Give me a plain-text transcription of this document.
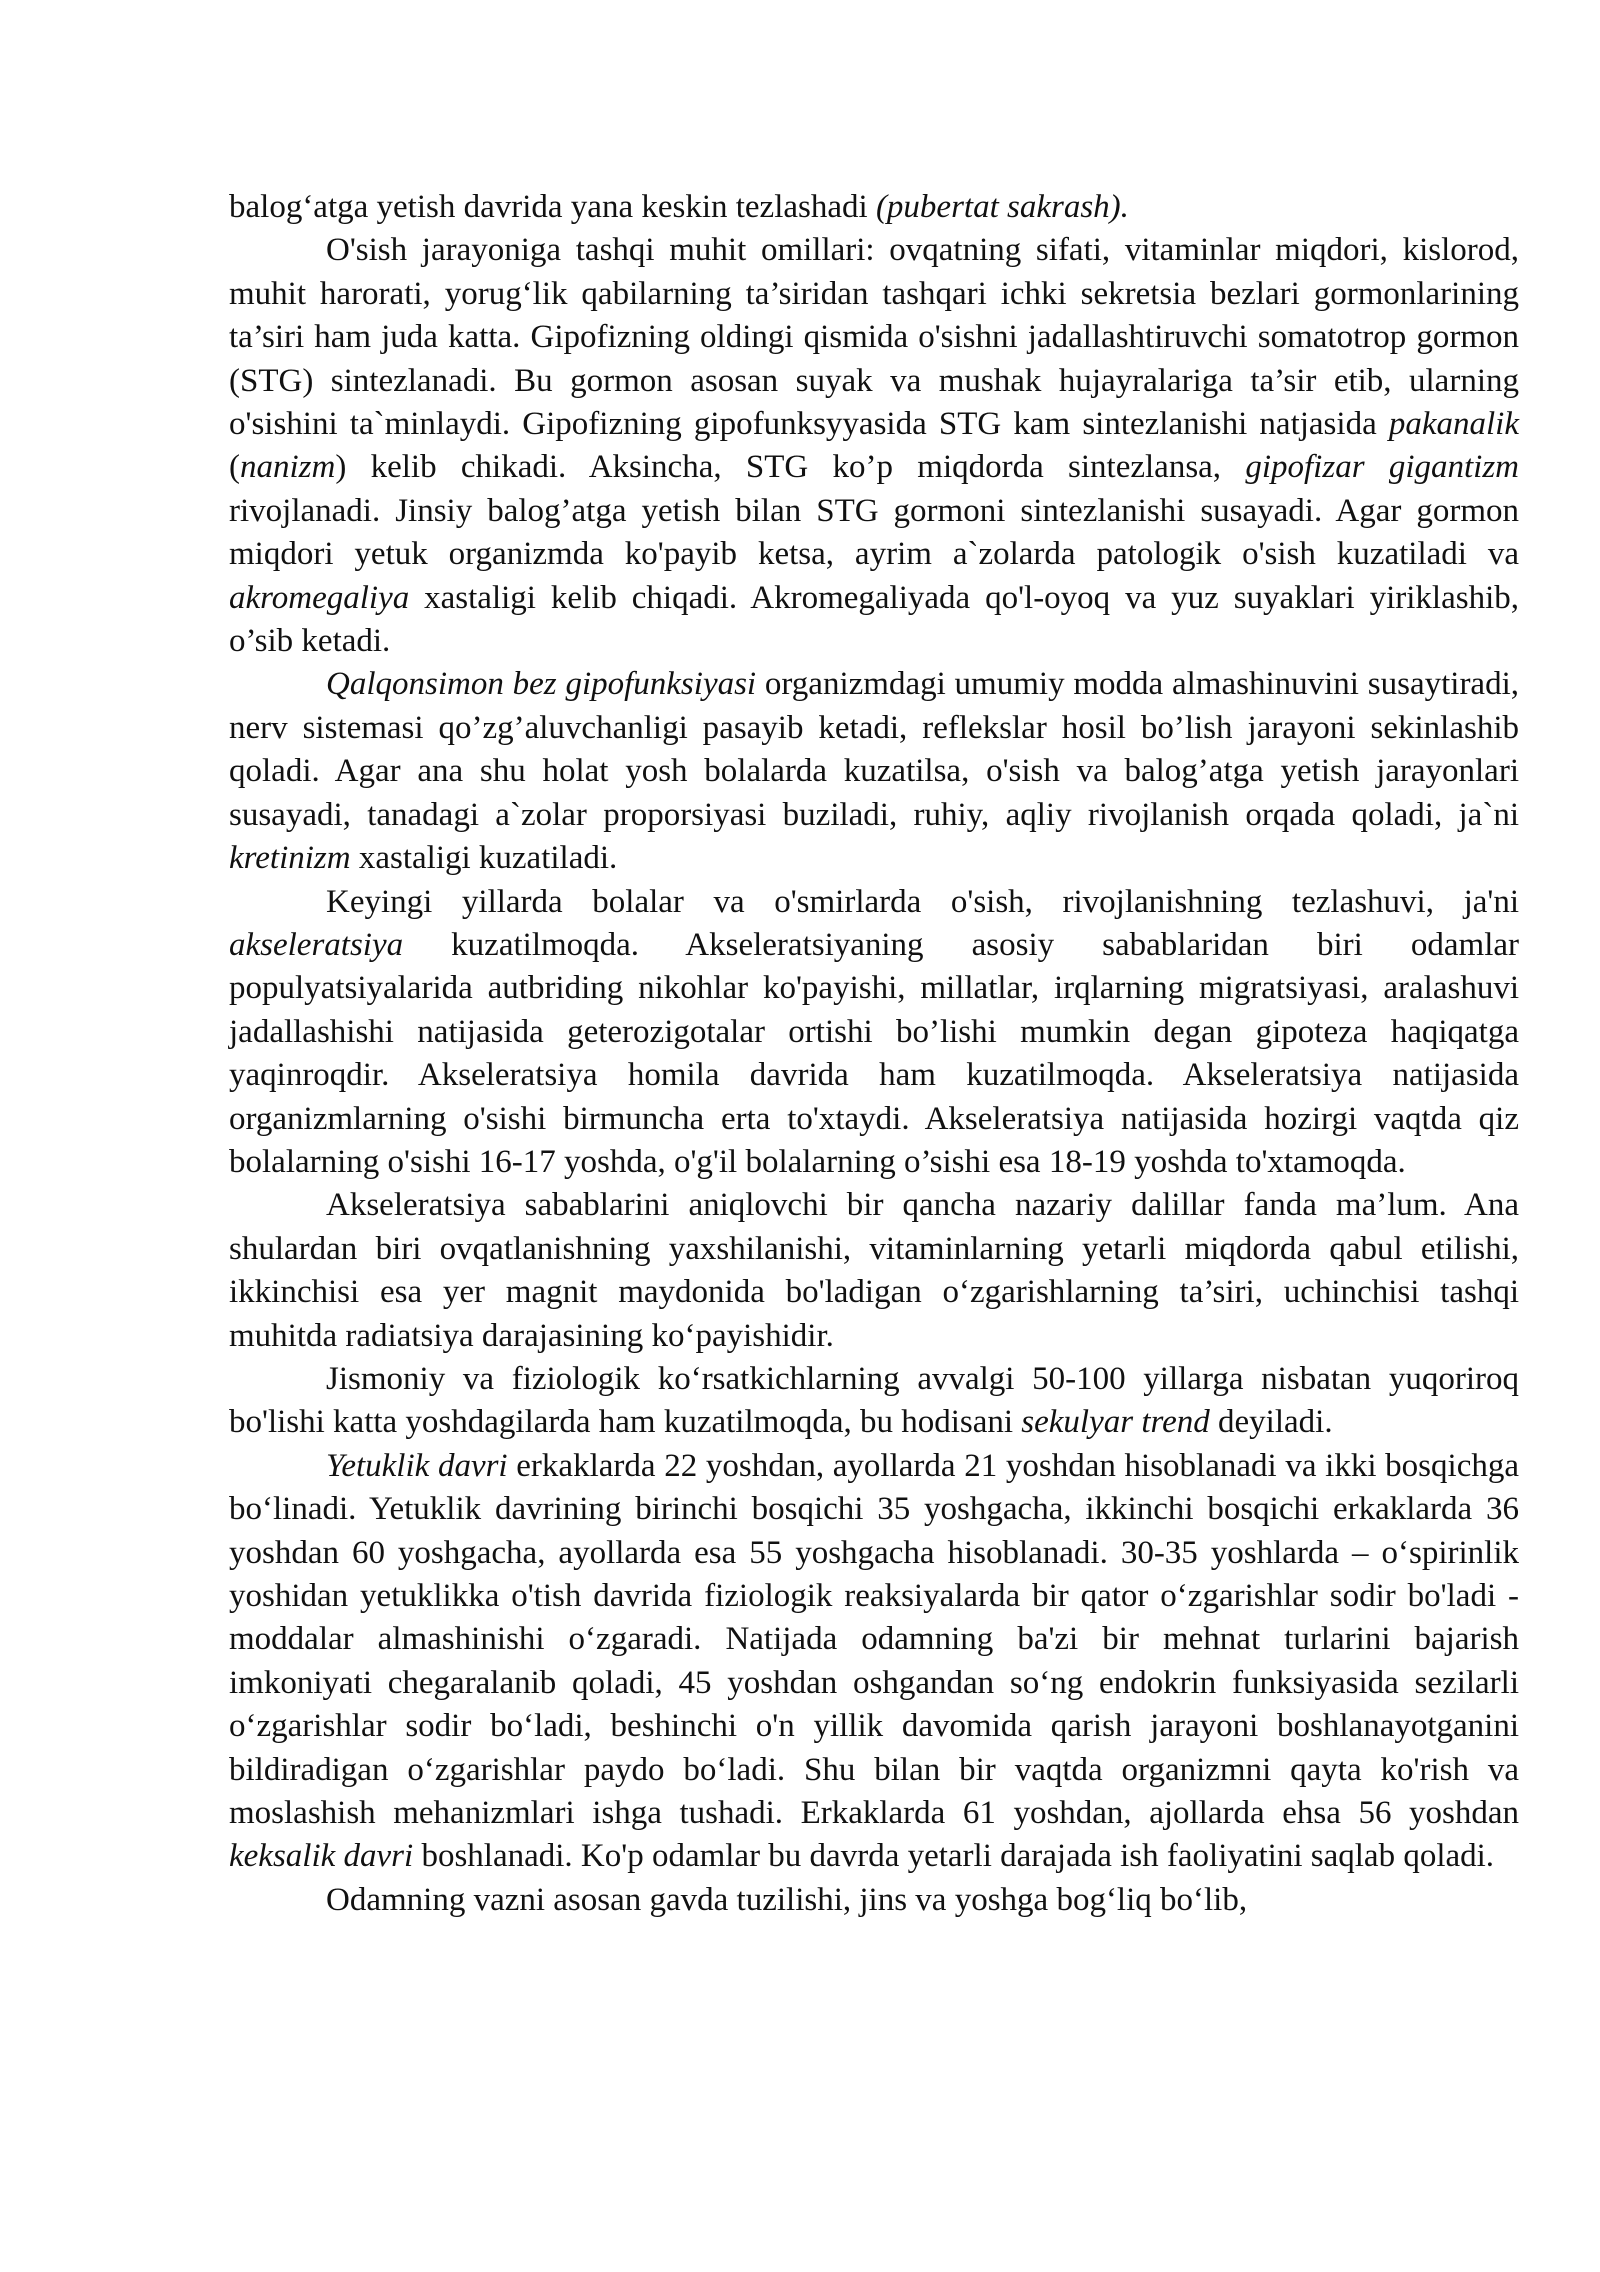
balog‘atga yetish davrida yana keskin tezlashadi (pubertat sakrash).

O'sish jarayoniga tashqi muhit omillari: ovqatning sifati, vitaminlar miqdori, kislorod, muhit harorati, yorug‘lik qabilarning ta’siridan tashqari ichki sekretsia bezlari gormonlarining ta’siri ham juda katta. Gipofizning oldingi qismida o'sishni jadallashtiruvchi somatotrop gormon (STG) sintezlanadi. Bu gormon asosan suyak va mushak hujayralariga ta’sir etib, ularning o'sishini ta`minlaydi. Gipofizning gipofunksyyasida STG kam sintezlanishi natjasida pakanalik (nanizm) kelib chikadi. Aksincha, STG ko’p miqdorda sintezlansa, gipofizar gigantizm rivojlanadi. Jinsiy balog’atga yetish bilan STG gormoni sintezlanishi susayadi. Agar gormon miqdori yetuk organizmda ko'payib ketsa, ayrim a`zolarda patologik o'sish kuzatiladi va akromegaliya xastaligi kelib chiqadi. Akromegaliyada qo'l-oyoq va yuz suyaklari yiriklashib, o’sib ketadi.

Qalqonsimon bez gipofunksiyasi organizmdagi umumiy modda almashinuvini susaytiradi, nerv sistemasi qo’zg’aluvchanligi pasayib ketadi, reflekslar hosil bo’lish jarayoni sekinlashib qoladi. Agar ana shu holat yosh bolalarda kuzatilsa, o'sish va balog’atga yetish jarayonlari susayadi, tanadagi a`zolar proporsiyasi buziladi, ruhiy, aqliy rivojlanish orqada qoladi, ja`ni kretinizm xastaligi kuzatiladi.

Keyingi yillarda bolalar va o'smirlarda o'sish, rivojlanishning tezlashuvi, ja'ni akseleratsiya kuzatilmoqda. Akseleratsiyaning asosiy sabablaridan biri odamlar populyatsiyalarida autbriding nikohlar ko'payishi, millatlar, irqlarning migratsiyasi, aralashuvi jadallashishi natijasida geterozigotalar ortishi bo’lishi mumkin degan gipoteza haqiqatga yaqinroqdir. Akseleratsiya homila davrida ham kuzatilmoqda. Akseleratsiya natijasida organizmlarning o'sishi birmuncha erta to'xtaydi. Akseleratsiya natijasida hozirgi vaqtda qiz bolalarning o'sishi 16-17 yoshda, o'g'il bolalarning o’sishi esa 18-19 yoshda to'xtamoqda.

Akseleratsiya sabablarini aniqlovchi bir qancha nazariy dalillar fanda ma’lum. Ana shulardan biri ovqatlanishning yaxshilanishi, vitaminlarning yetarli miqdorda qabul etilishi, ikkinchisi esa yer magnit maydonida bo'ladigan o‘zgarishlarning ta’siri, uchinchisi tashqi muhitda radiatsiya darajasining ko‘payishidir.

Jismoniy va fiziologik ko‘rsatkichlarning avvalgi 50-100 yillarga nisbatan yuqoriroq bo'lishi katta yoshdagilarda ham kuzatilmoqda, bu hodisani sekulyar trend deyiladi.

Yetuklik davri erkaklarda 22 yoshdan, ayollarda 21 yoshdan hisoblanadi va ikki bosqichga bo‘linadi. Yetuklik davrining birinchi bosqichi 35 yoshgacha, ikkinchi bosqichi erkaklarda 36 yoshdan 60 yoshgacha, ayollarda esa 55 yoshgacha hisoblanadi. 30-35 yoshlarda – o‘spirinlik yoshidan yetuklikka o'tish davrida fiziologik reaksiyalarda bir qator o‘zgarishlar sodir bo'ladi - moddalar almashinishi o‘zgaradi. Natijada odamning ba'zi bir mehnat turlarini bajarish imkoniyati chegaralanib qoladi, 45 yoshdan oshgandan so‘ng endokrin funksiyasida sezilarli o‘zgarishlar sodir bo‘ladi, beshinchi o'n yillik davomida qarish jarayoni boshlanayotganini bildiradigan o‘zgarishlar paydo bo‘ladi. Shu bilan bir vaqtda organizmni qayta ko'rish va moslashish mehanizmlari ishga tushadi. Erkaklarda 61 yoshdan, ajollarda ehsa 56 yoshdan keksalik davri boshlanadi. Ko'p odamlar bu davrda yetarli darajada ish faoliyatini saqlab qoladi.

Odamning vazni asosan gavda tuzilishi, jins va yoshga bog‘liq bo‘lib,
